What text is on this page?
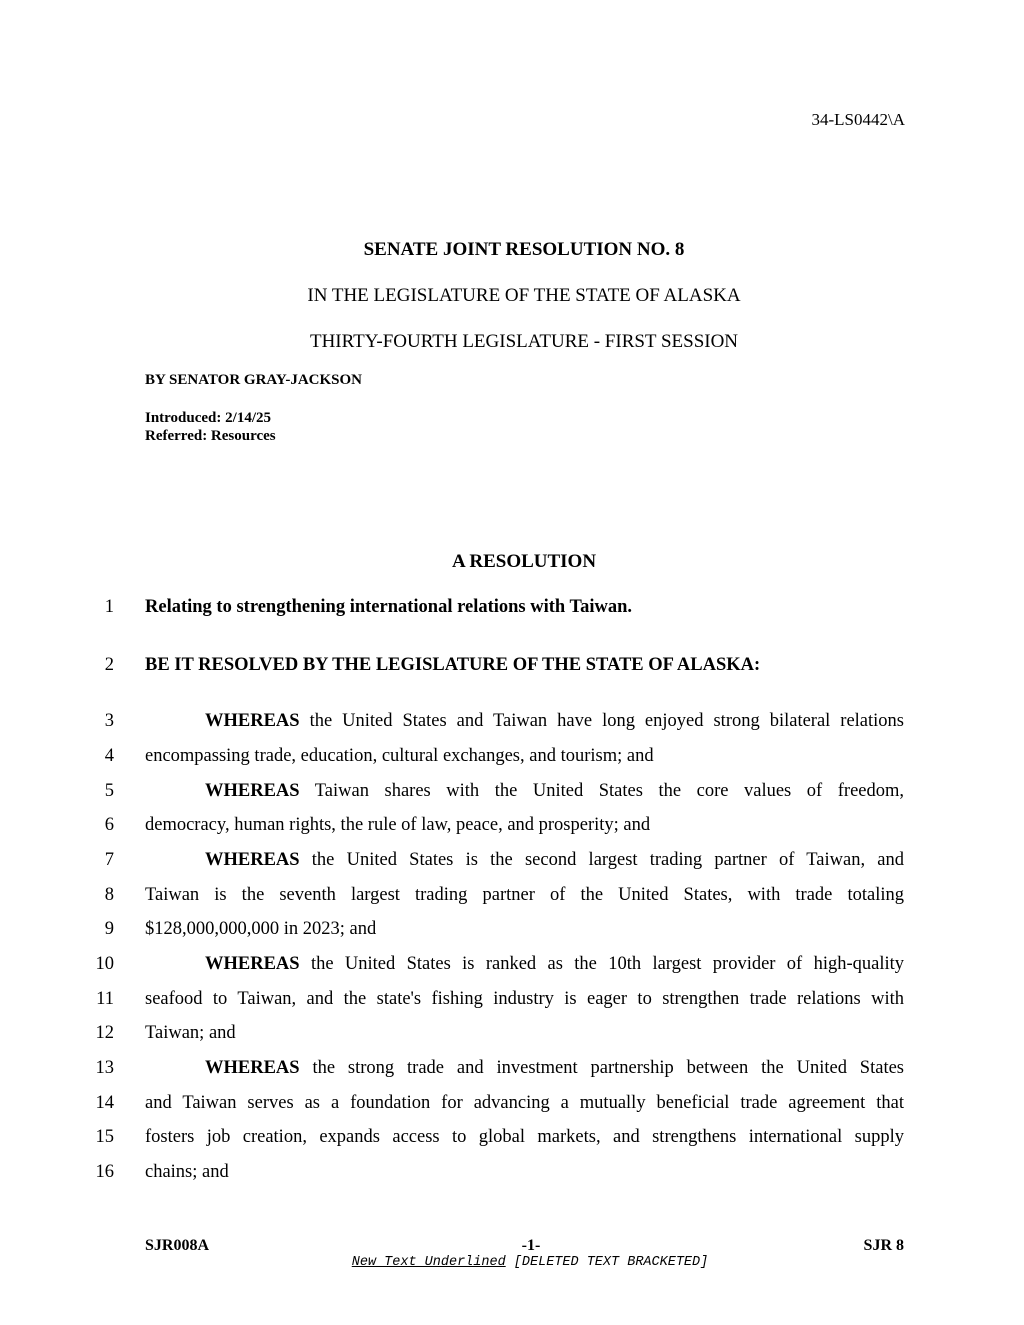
34-LS0442\A
SENATE JOINT RESOLUTION NO. 8
IN THE LEGISLATURE OF THE STATE OF ALASKA
THIRTY-FOURTH LEGISLATURE - FIRST SESSION
BY SENATOR GRAY-JACKSON
Introduced: 2/14/25
Referred: Resources
A RESOLUTION
1 Relating to strengthening international relations with Taiwan.
2 BE IT RESOLVED BY THE LEGISLATURE OF THE STATE OF ALASKA:
3	WHEREAS the United States and Taiwan have long enjoyed strong bilateral relations
4 encompassing trade, education, cultural exchanges, and tourism; and
5	WHEREAS Taiwan shares with the United States the core values of freedom,
6 democracy, human rights, the rule of law, peace, and prosperity; and
7	WHEREAS the United States is the second largest trading partner of Taiwan, and
8 Taiwan is the seventh largest trading partner of the United States, with trade totaling
9 $128,000,000,000 in 2023; and
10	WHEREAS the United States is ranked as the 10th largest provider of high-quality
11 seafood to Taiwan, and the state's fishing industry is eager to strengthen trade relations with
12 Taiwan; and
13	WHEREAS the strong trade and investment partnership between the United States
14 and Taiwan serves as a foundation for advancing a mutually beneficial trade agreement that
15 fosters job creation, expands access to global markets, and strengthens international supply
16 chains; and
SJR008A	-1-	SJR 8
New Text Underlined [DELETED TEXT BRACKETED]
